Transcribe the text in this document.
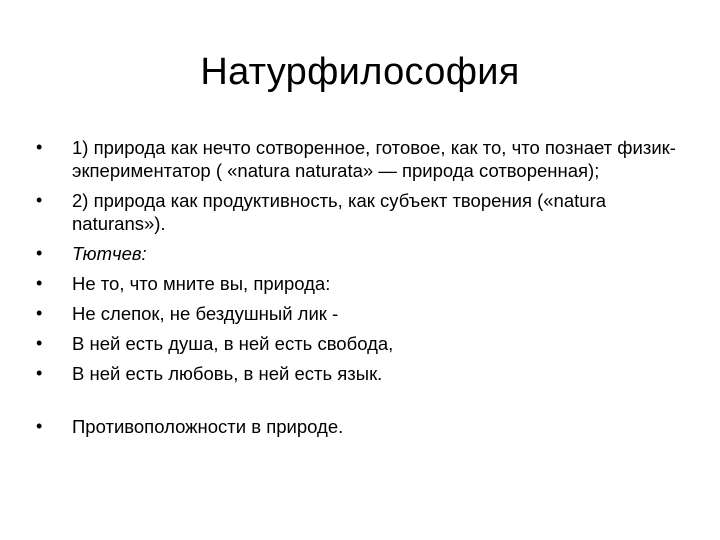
Натурфилософия
•	1) природа как нечто сотворенное, готовое, как то, что познает физик-экпериментатор ( «natura naturata» — природа сотворенная);
•	2) природа как продуктивность, как субъект творения («natura naturans»).
•	Тютчев:
•	Не то, что мните вы, природа:
•	Не слепок, не бездушный лик -
•	В ней есть душа, в ней есть свобода,
•	В ней есть любовь, в ней есть язык.
•	Противоположности в природе.
